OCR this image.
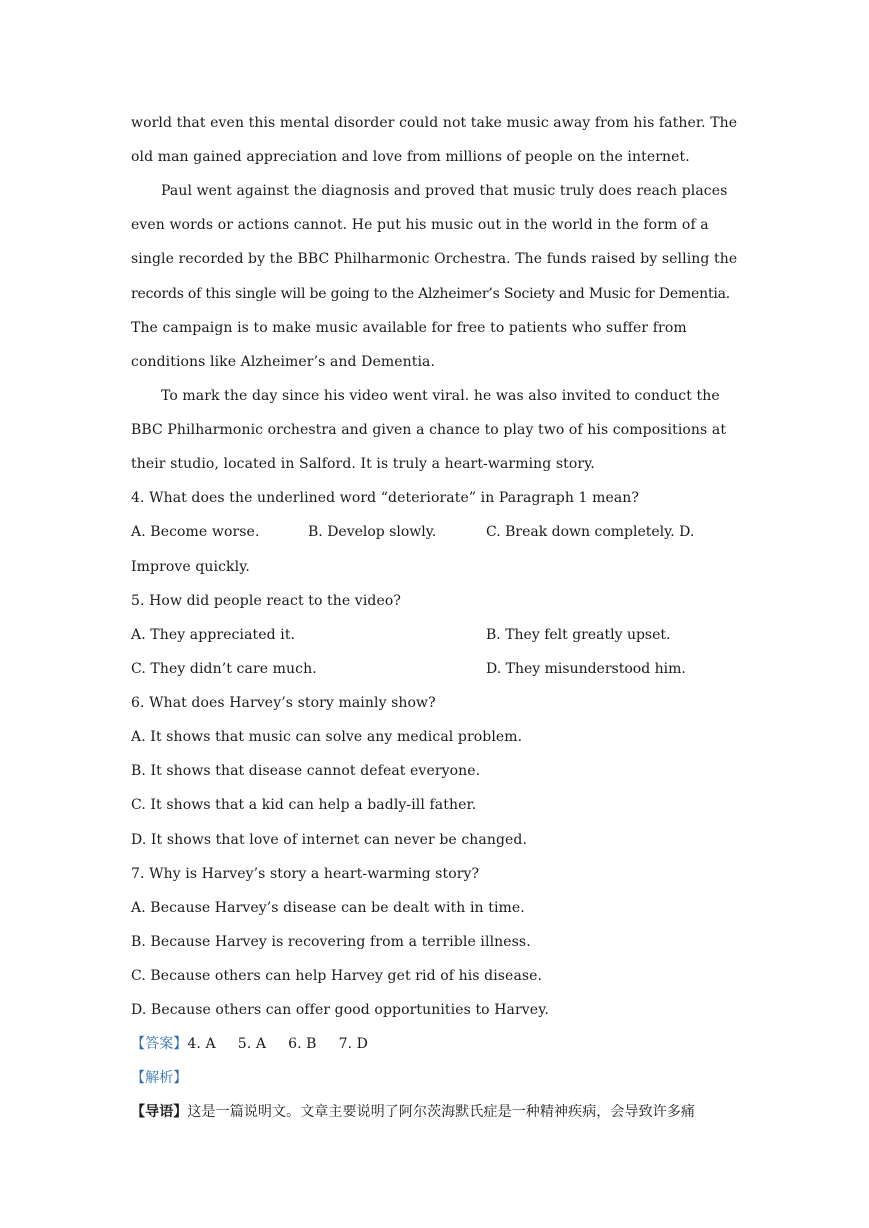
world that even this mental disorder could not take music away from his father. The
old man gained appreciation and love from millions of people on the internet.
Paul went against the diagnosis and proved that music truly does reach places
even words or actions cannot. He put his music out in the world in the form of a
single recorded by the BBC Philharmonic Orchestra. The funds raised by selling the
records of this single will be going to the Alzheimer’s Society and Music for Dementia.
The campaign is to make music available for free to patients who suffer from
conditions like Alzheimer’s and Dementia.
To mark the day since his video went viral. he was also invited to conduct the
BBC Philharmonic orchestra and given a chance to play two of his compositions at
their studio, located in Salford. It is truly a heart-warming story.
4. What does the underlined word “deteriorate” in Paragraph 1 mean?
A. Become worse.	B. Develop slowly.	C. Break down completely. D.
Improve quickly.
5. How did people react to the video?
A. They appreciated it.	B. They felt greatly upset.
C. They didn’t care much.	D. They misunderstood him.
6. What does Harvey’s story mainly show?
A. It shows that music can solve any medical problem.
B. It shows that disease cannot defeat everyone.
C. It shows that a kid can help a badly-ill father.
D. It shows that love of internet can never be changed.
7. Why is Harvey’s story a heart-warming story?
A. Because Harvey’s disease can be dealt with in time.
B. Because Harvey is recovering from a terrible illness.
C. Because others can help Harvey get rid of his disease.
D. Because others can offer good opportunities to Harvey.
【答案】4. A 5. A 6. B 7. D
【解析】
【导语】这是一篇说明文。文章主要说明了阿尔茨海默氏症是一种精神疾病，会导致许多痛
